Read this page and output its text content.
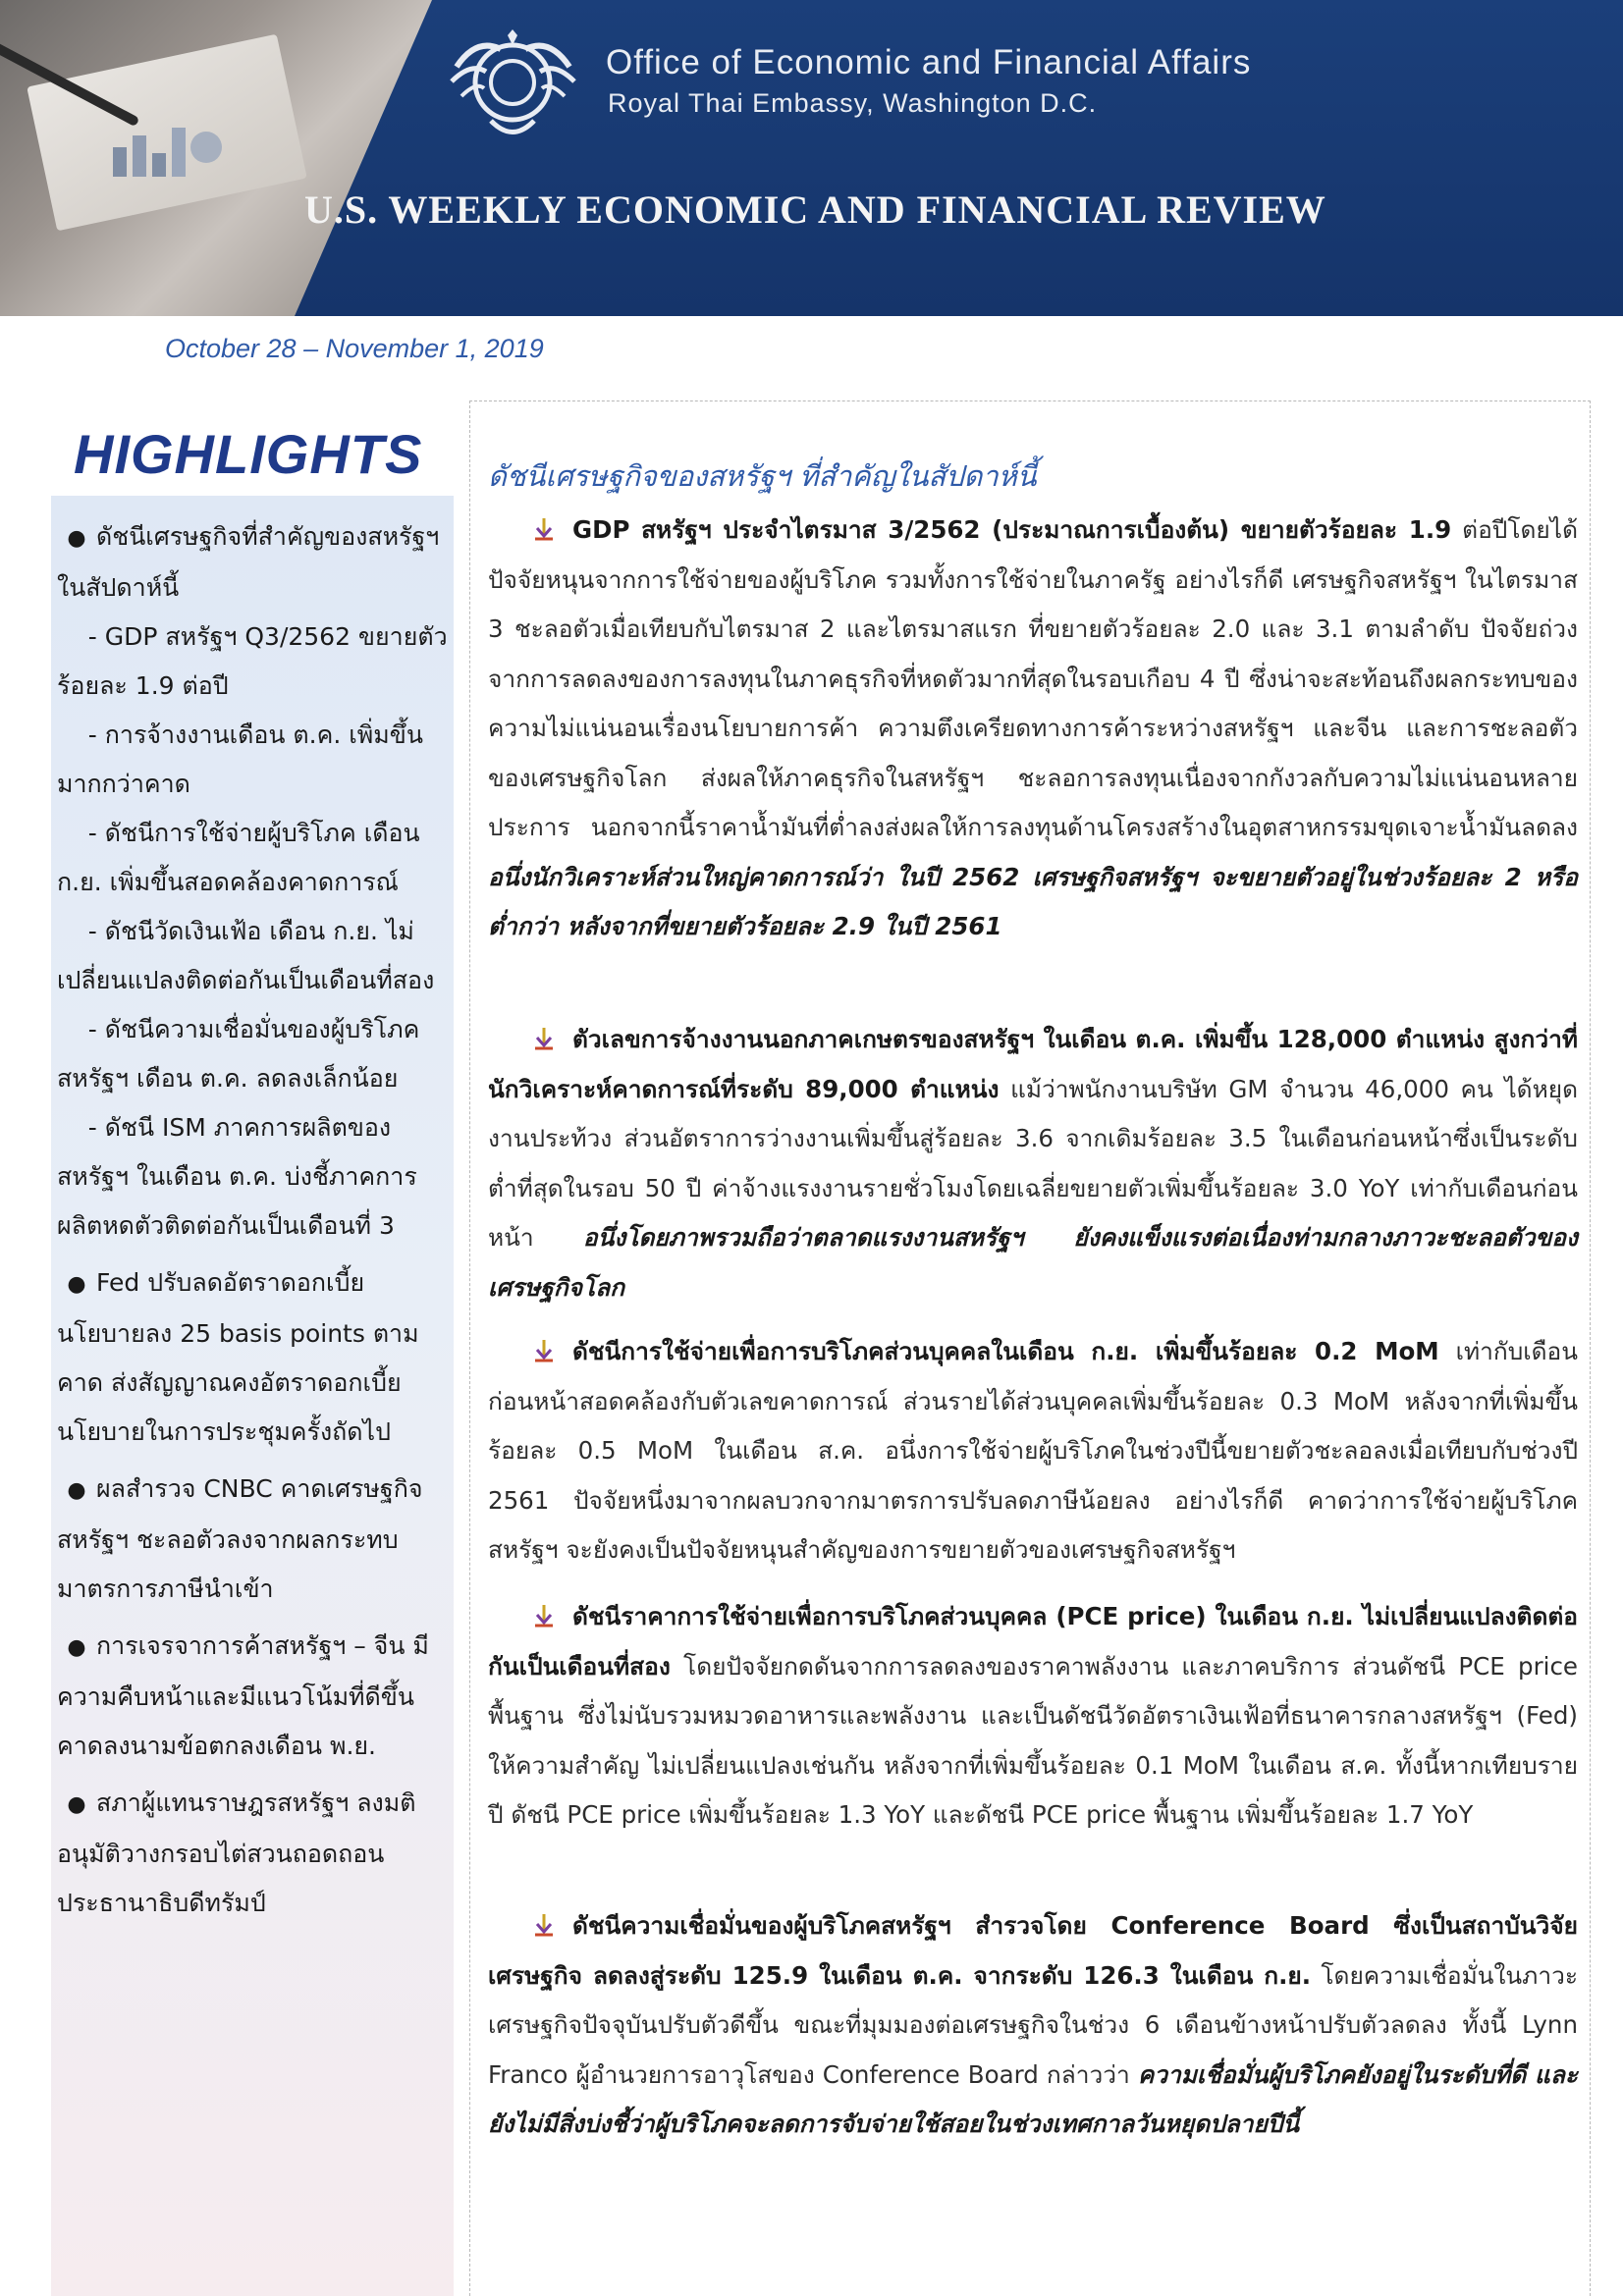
Office of Economic and Financial Affairs
Royal Thai Embassy, Washington D.C.
U.S. WEEKLY ECONOMIC AND FINANCIAL REVIEW
October 28 – November 1, 2019
HIGHLIGHTS
● ดัชนีเศรษฐกิจที่สำคัญของสหรัฐฯ ในสัปดาห์นี้
- GDP สหรัฐฯ Q3/2562 ขยายตัวร้อยละ 1.9 ต่อปี
- การจ้างงานเดือน ต.ค. เพิ่มขึ้นมากกว่าคาด
- ดัชนีการใช้จ่ายผู้บริโภค เดือน ก.ย. เพิ่มขึ้นสอดคล้องคาดการณ์
- ดัชนีวัดเงินเฟ้อ เดือน ก.ย. ไม่เปลี่ยนแปลงติดต่อกันเป็นเดือนที่สอง
- ดัชนีความเชื่อมั่นของผู้บริโภคสหรัฐฯ เดือน ต.ค. ลดลงเล็กน้อย
- ดัชนี ISM ภาคการผลิตของสหรัฐฯ ในเดือน ต.ค. บ่งชี้ภาคการผลิตหดตัวติดต่อกันเป็นเดือนที่ 3
● Fed ปรับลดอัตราดอกเบี้ยนโยบายลง 25 basis points ตามคาด ส่งสัญญาณคงอัตราดอกเบี้ยนโยบายในการประชุมครั้งถัดไป
● ผลสำรวจ CNBC คาดเศรษฐกิจสหรัฐฯ ชะลอตัวลงจากผลกระทบมาตรการภาษีนำเข้า
● การเจรจาการค้าสหรัฐฯ – จีน มีความคืบหน้าและมีแนวโน้มที่ดีขึ้น คาดลงนามข้อตกลงเดือน พ.ย.
● สภาผู้แทนราษฎรสหรัฐฯ ลงมติอนุมัติวางกรอบไต่สวนถอดถอนประธานาธิบดีทรัมป์
ดัชนีเศรษฐกิจของสหรัฐฯ ที่สำคัญในสัปดาห์นี้

GDP สหรัฐฯ ประจำไตรมาส 3/2562 (ประมาณการเบื้องต้น) ขยายตัวร้อยละ 1.9 ต่อปีโดยได้ปัจจัยหนุนจากการใช้จ่ายของผู้บริโภค รวมทั้งการใช้จ่ายในภาครัฐ อย่างไรก็ดี เศรษฐกิจสหรัฐฯ ในไตรมาส 3 ชะลอตัวเมื่อเทียบกับไตรมาส 2 และไตรมาสแรก ที่ขยายตัวร้อยละ 2.0 และ 3.1 ตามลำดับ ปัจจัยถ่วงจากการลดลงของการลงทุนในภาคธุรกิจที่หดตัวมากที่สุดในรอบเกือบ 4 ปี ซึ่งน่าจะสะท้อนถึงผลกระทบของความไม่แน่นอนเรื่องนโยบายการค้า ความตึงเครียดทางการค้าระหว่างสหรัฐฯ และจีน และการชะลอตัวของเศรษฐกิจโลก ส่งผลให้ภาคธุรกิจในสหรัฐฯ ชะลอการลงทุนเนื่องจากกังวลกับความไม่แน่นอนหลายประการ นอกจากนี้ราคาน้ำมันที่ต่ำลงส่งผลให้การลงทุนด้านโครงสร้างในอุตสาหกรรมขุดเจาะน้ำมันลดลง อนึ่งนักวิเคราะห์ส่วนใหญ่คาดการณ์ว่า ในปี 2562 เศรษฐกิจสหรัฐฯ จะขยายตัวอยู่ในช่วงร้อยละ 2 หรือต่ำกว่า หลังจากที่ขยายตัวร้อยละ 2.9 ในปี 2561

ตัวเลขการจ้างงานนอกภาคเกษตรของสหรัฐฯ ในเดือน ต.ค. เพิ่มขึ้น 128,000 ตำแหน่ง สูงกว่าที่นักวิเคราะห์คาดการณ์ที่ระดับ 89,000 ตำแหน่ง แม้ว่าพนักงานบริษัท GM จำนวน 46,000 คน ได้หยุดงานประท้วง ส่วนอัตราการว่างงานเพิ่มขึ้นสู่ร้อยละ 3.6 จากเดิมร้อยละ 3.5 ในเดือนก่อนหน้าซึ่งเป็นระดับต่ำที่สุดในรอบ 50 ปี ค่าจ้างแรงงานรายชั่วโมงโดยเฉลี่ยขยายตัวเพิ่มขึ้นร้อยละ 3.0 YoY เท่ากับเดือนก่อนหน้า อนึ่งโดยภาพรวมถือว่าตลาดแรงงานสหรัฐฯ ยังคงแข็งแรงต่อเนื่องท่ามกลางภาวะชะลอตัวของเศรษฐกิจโลก

ดัชนีการใช้จ่ายเพื่อการบริโภคส่วนบุคคลในเดือน ก.ย. เพิ่มขึ้นร้อยละ 0.2 MoM เท่ากับเดือนก่อนหน้าสอดคล้องกับตัวเลขคาดการณ์ ส่วนรายได้ส่วนบุคคลเพิ่มขึ้นร้อยละ 0.3 MoM หลังจากที่เพิ่มขึ้นร้อยละ 0.5 MoM ในเดือน ส.ค. อนึ่งการใช้จ่ายผู้บริโภคในช่วงปีนี้ขยายตัวชะลอลงเมื่อเทียบกับช่วงปี 2561 ปัจจัยหนึ่งมาจากผลบวกจากมาตรการปรับลดภาษีน้อยลง อย่างไรก็ดี คาดว่าการใช้จ่ายผู้บริโภคสหรัฐฯ จะยังคงเป็นปัจจัยหนุนสำคัญของการขยายตัวของเศรษฐกิจสหรัฐฯ

ดัชนีราคาการใช้จ่ายเพื่อการบริโภคส่วนบุคคล (PCE price) ในเดือน ก.ย. ไม่เปลี่ยนแปลงติดต่อกันเป็นเดือนที่สอง โดยปัจจัยกดดันจากการลดลงของราคาพลังงาน และภาคบริการ ส่วนดัชนี PCE price พื้นฐาน ซึ่งไม่นับรวมหมวดอาหารและพลังงาน และเป็นดัชนีวัดอัตราเงินเฟ้อที่ธนาคารกลางสหรัฐฯ (Fed) ให้ความสำคัญ ไม่เปลี่ยนแปลงเช่นกัน หลังจากที่เพิ่มขึ้นร้อยละ 0.1 MoM ในเดือน ส.ค. ทั้งนี้หากเทียบรายปี ดัชนี PCE price เพิ่มขึ้นร้อยละ 1.3 YoY และดัชนี PCE price พื้นฐาน เพิ่มขึ้นร้อยละ 1.7 YoY

ดัชนีความเชื่อมั่นของผู้บริโภคสหรัฐฯ สำรวจโดย Conference Board ซึ่งเป็นสถาบันวิจัยเศรษฐกิจ ลดลงสู่ระดับ 125.9 ในเดือน ต.ค. จากระดับ 126.3 ในเดือน ก.ย. โดยความเชื่อมั่นในภาวะเศรษฐกิจปัจจุบันปรับตัวดีขึ้น ขณะที่มุมมองต่อเศรษฐกิจในช่วง 6 เดือนข้างหน้าปรับตัวลดลง ทั้งนี้ Lynn Franco ผู้อำนวยการอาวุโสของ Conference Board กล่าวว่า ความเชื่อมั่นผู้บริโภคยังอยู่ในระดับที่ดี และยังไม่มีสิ่งบ่งชี้ว่าผู้บริโภคจะลดการจับจ่ายใช้สอยในช่วงเทศกาลวันหยุดปลายปีนี้
